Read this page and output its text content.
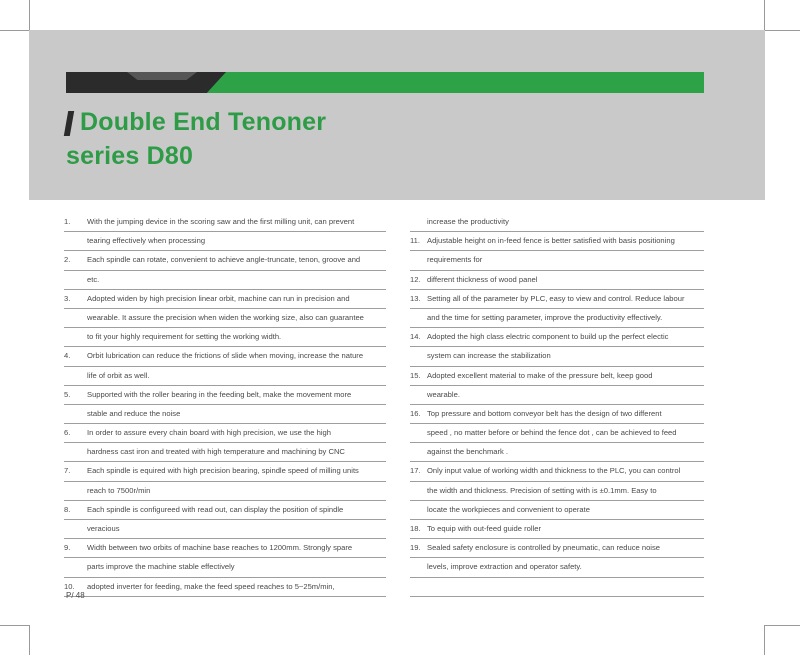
Double End Tenoner
series D80
1. With the jumping device in the scoring saw and the first milling unit, can prevent
tearing effectively when processing
2. Each spindle can rotate, convenient to achieve angle-truncate, tenon, groove and
etc.
3. Adopted widen by high precision linear orbit, machine can run in precision and
wearable. It assure the precision when widen the working size, also can guarantee
to fit your highly requirement for setting the working width.
4. Orbit lubrication can reduce the frictions of slide when moving, increase the nature
life of orbit as well.
5. Supported with the roller bearing in the feeding belt, make the movement more
stable and reduce the noise
6. In order to assure every chain board with high precision, we use the high
hardness cast iron and treated with high temperature and machining by CNC
7. Each spindle is equired with high precision bearing, spindle speed of milling units
reach to 7500r/min
8. Each spindle is configureed with read out, can display the position of spindle
veracious
9. Width between two orbits of machine base reaches to 1200mm. Strongly spare
parts improve the machine stable effectively
10. adopted inverter for feeding, make the feed speed reaches to 5~25m/min,
increase the productivity
11. Adjustable height on in-feed fence is better satisfied with basis positioning
requirements for
12. different thickness of wood panel
13. Setting all of the parameter by PLC, easy to view and control. Reduce labour
and the time for setting parameter, improve the productivity effectively.
14. Adopted the high class electric component to build up the perfect electic
system can increase the stabilization
15. Adopted excellent material to make of the pressure belt, keep good
wearable.
16. Top pressure and bottom conveyor belt has the design of two different
speed , no matter before or behind the fence dot , can be achieved to feed
against the benchmark .
17. Only input value of working width and thickness to the PLC, you can control
the width and thickness. Precision of setting with is ±0.1mm. Easy to
locate the workpieces and convenient to operate
18. To equip with out-feed guide roller
19. Sealed safety enclosure is controlled by pneumatic, can reduce noise
levels, improve extraction and operator safety.
P/ 48
